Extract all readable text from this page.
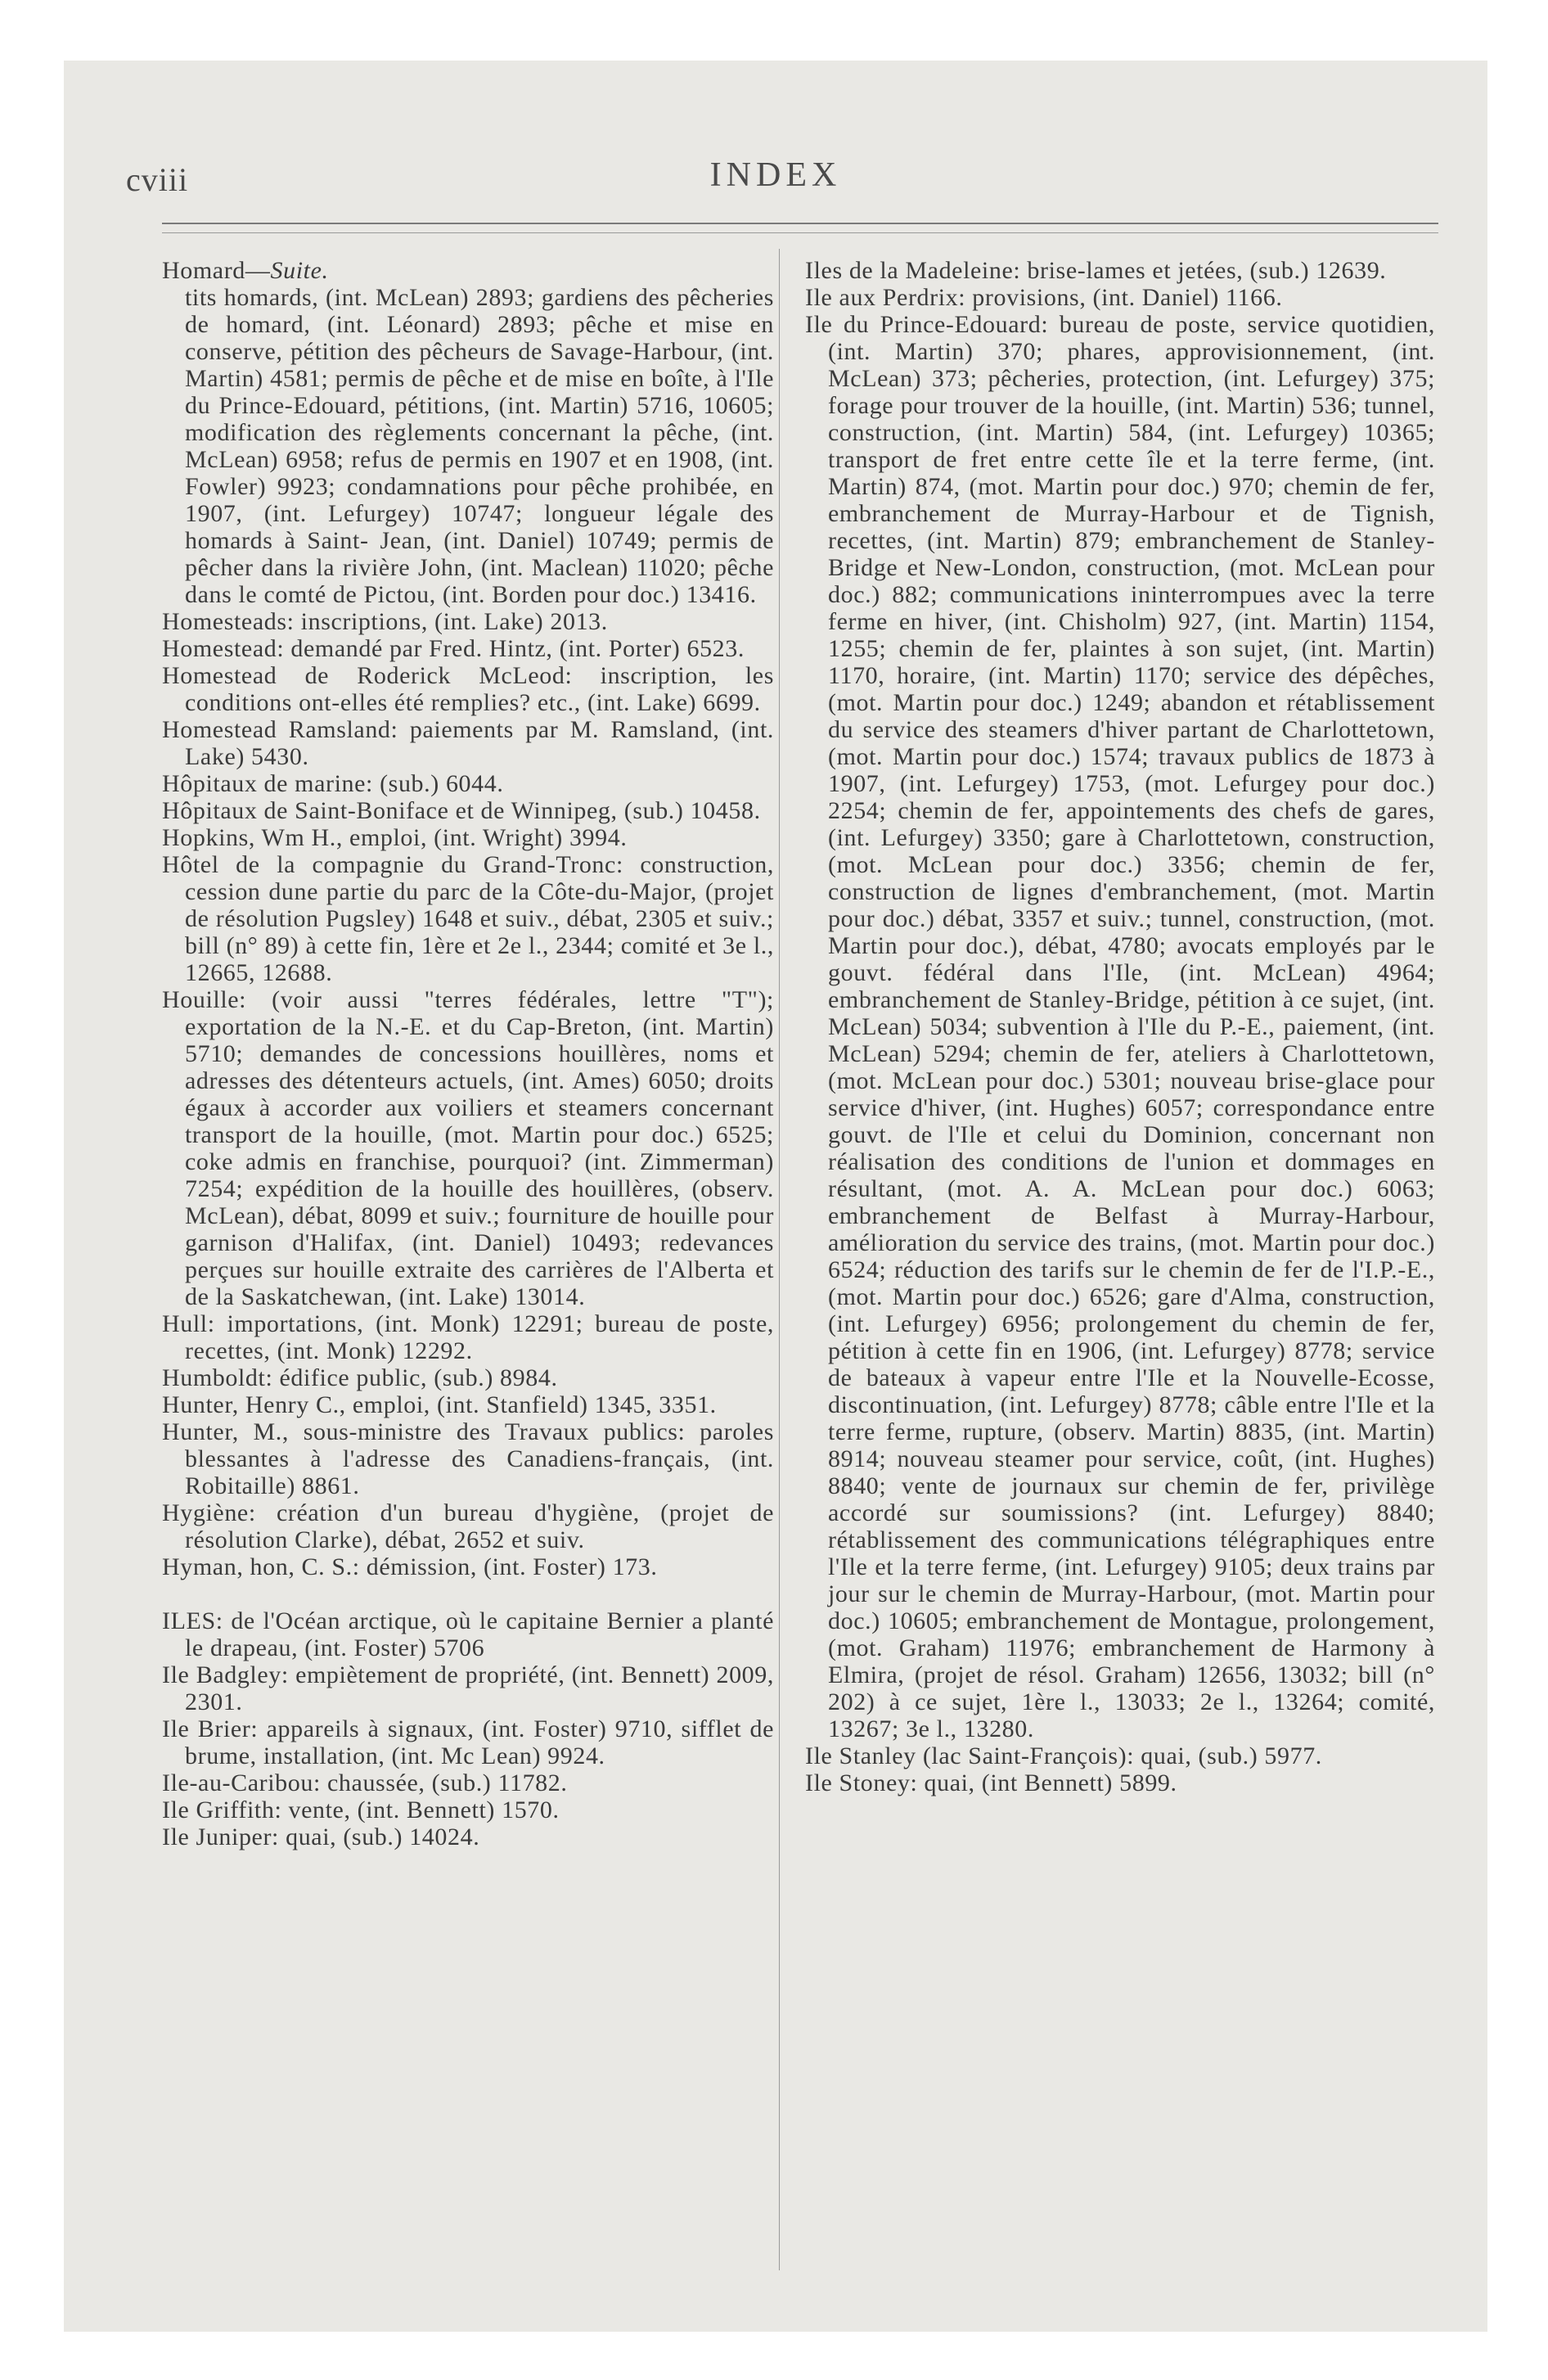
cviii	INDEX

Homard—Suite.

tits homards, (int. McLean) 2893; gardiens des pêcheries de homard, (int. Léonard) 2893; pêche et mise en conserve, pétition des pêcheurs de Savage-Harbour, (int. Martin) 4581; permis de pêche et de mise en boîte, à l'Ile du Prince-Edouard, pétitions, (int. Martin) 5716, 10605; modification des règlements concernant la pêche, (int. McLean) 6958; refus de permis en 1907 et en 1908, (int. Fowler) 9923; condamnations pour pêche prohibée, en 1907, (int. Lefurgey) 10747; longueur légale des homards à Saint- Jean, (int. Daniel) 10749; permis de pêcher dans la rivière John, (int. Maclean) 11020; pêche dans le comté de Pictou, (int. Borden pour doc.) 13416.

Homesteads: inscriptions, (int. Lake) 2013.

Homestead: demandé par Fred. Hintz, (int. Porter) 6523.

Homestead de Roderick McLeod: inscription, les conditions ont-elles été remplies? etc., (int. Lake) 6699.

Homestead Ramsland: paiements par M. Ramsland, (int. Lake) 5430.

Hôpitaux de marine: (sub.) 6044.

Hôpitaux de Saint-Boniface et de Winnipeg, (sub.) 10458.

Hopkins, Wm H., emploi, (int. Wright) 3994.

Hôtel de la compagnie du Grand-Tronc: construction, cession dune partie du parc de la Côte-du-Major, (projet de résolution Pugsley) 1648 et suiv., débat, 2305 et suiv.; bill (n° 89) à cette fin, 1ère et 2e l., 2344; comité et 3e l., 12665, 12688.

Houille: (voir aussi "terres fédérales, lettre "T"); exportation de la N.-E. et du Cap-Breton, (int. Martin) 5710; demandes de concessions houillères, noms et adresses des détenteurs actuels, (int. Ames) 6050; droits égaux à accorder aux voiliers et steamers concernant transport de la houille, (mot. Martin pour doc.) 6525; coke admis en franchise, pourquoi? (int. Zimmerman) 7254; expédition de la houille des houillères, (observ. McLean), débat, 8099 et suiv.; fourniture de houille pour garnison d'Halifax, (int. Daniel) 10493; redevances perçues sur houille extraite des carrières de l'Alberta et de la Saskatchewan, (int. Lake) 13014.

Hull: importations, (int. Monk) 12291; bureau de poste, recettes, (int. Monk) 12292.

Humboldt: édifice public, (sub.) 8984.

Hunter, Henry C., emploi, (int. Stanfield) 1345, 3351.

Hunter, M., sous-ministre des Travaux publics: paroles blessantes à l'adresse des Canadiens-français, (int. Robitaille) 8861.

Hygiène: création d'un bureau d'hygiène, (projet de résolution Clarke), débat, 2652 et suiv.

Hyman, hon, C. S.: démission, (int. Foster) 173.

ILES: de l'Océan arctique, où le capitaine Bernier a planté le drapeau, (int. Foster) 5706

Ile Badgley: empiètement de propriété, (int. Bennett) 2009, 2301.

Ile Brier: appareils à signaux, (int. Foster) 9710, sifflet de brume, installation, (int. Mc Lean) 9924.

Ile-au-Caribou: chaussée, (sub.) 11782.

Ile Griffith: vente, (int. Bennett) 1570.

Ile Juniper: quai, (sub.) 14024.

Iles de la Madeleine: brise-lames et jetées, (sub.) 12639.

Ile aux Perdrix: provisions, (int. Daniel) 1166.

Ile du Prince-Edouard: bureau de poste, service quotidien, (int. Martin) 370; phares, approvisionnement, (int. McLean) 373; pêcheries, protection, (int. Lefurgey) 375; forage pour trouver de la houille, (int. Martin) 536; tunnel, construction, (int. Martin) 584, (int. Lefurgey) 10365; transport de fret entre cette île et la terre ferme, (int. Martin) 874, (mot. Martin pour doc.) 970; chemin de fer, embranchement de Murray-Harbour et de Tignish, recettes, (int. Martin) 879; embranchement de Stanley-Bridge et New-London, construction, (mot. McLean pour doc.) 882; communications ininterrompues avec la terre ferme en hiver, (int. Chisholm) 927, (int. Martin) 1154, 1255; chemin de fer, plaintes à son sujet, (int. Martin) 1170, horaire, (int. Martin) 1170; service des dépêches, (mot. Martin pour doc.) 1249; abandon et rétablissement du service des steamers d'hiver partant de Charlottetown, (mot. Martin pour doc.) 1574; travaux publics de 1873 à 1907, (int. Lefurgey) 1753, (mot. Lefurgey pour doc.) 2254; chemin de fer, appointements des chefs de gares, (int. Lefurgey) 3350; gare à Charlottetown, construction, (mot. McLean pour doc.) 3356; chemin de fer, construction de lignes d'embranchement, (mot. Martin pour doc.) débat, 3357 et suiv.; tunnel, construction, (mot. Martin pour doc.), débat, 4780; avocats employés par le gouvt. fédéral dans l'Ile, (int. McLean) 4964; embranchement de Stanley-Bridge, pétition à ce sujet, (int. McLean) 5034; subvention à l'Ile du P.-E., paiement, (int. McLean) 5294; chemin de fer, ateliers à Charlottetown, (mot. McLean pour doc.) 5301; nouveau brise-glace pour service d'hiver, (int. Hughes) 6057; correspondance entre gouvt. de l'Ile et celui du Dominion, concernant non réalisation des conditions de l'union et dommages en résultant, (mot. A. A. McLean pour doc.) 6063; embranchement de Belfast à Murray-Harbour, amélioration du service des trains, (mot. Martin pour doc.) 6524; réduction des tarifs sur le chemin de fer de l'I.P.-E., (mot. Martin pour doc.) 6526; gare d'Alma, construction, (int. Lefurgey) 6956; prolongement du chemin de fer, pétition à cette fin en 1906, (int. Lefurgey) 8778; service de bateaux à vapeur entre l'Ile et la Nouvelle-Ecosse, discontinuation, (int. Lefurgey) 8778; câble entre l'Ile et la terre ferme, rupture, (observ. Martin) 8835, (int. Martin) 8914; nouveau steamer pour service, coût, (int. Hughes) 8840; vente de journaux sur chemin de fer, privilège accordé sur soumissions? (int. Lefurgey) 8840; rétablissement des communications télégraphiques entre l'Ile et la terre ferme, (int. Lefurgey) 9105; deux trains par jour sur le chemin de Murray-Harbour, (mot. Martin pour doc.) 10605; embranchement de Montague, prolongement, (mot. Graham) 11976; embranchement de Harmony à Elmira, (projet de résol. Graham) 12656, 13032; bill (n° 202) à ce sujet, 1ère l., 13033; 2e l., 13264; comité, 13267; 3e l., 13280.

Ile Stanley (lac Saint-François): quai, (sub.) 5977.

Ile Stoney: quai, (int Bennett) 5899.
